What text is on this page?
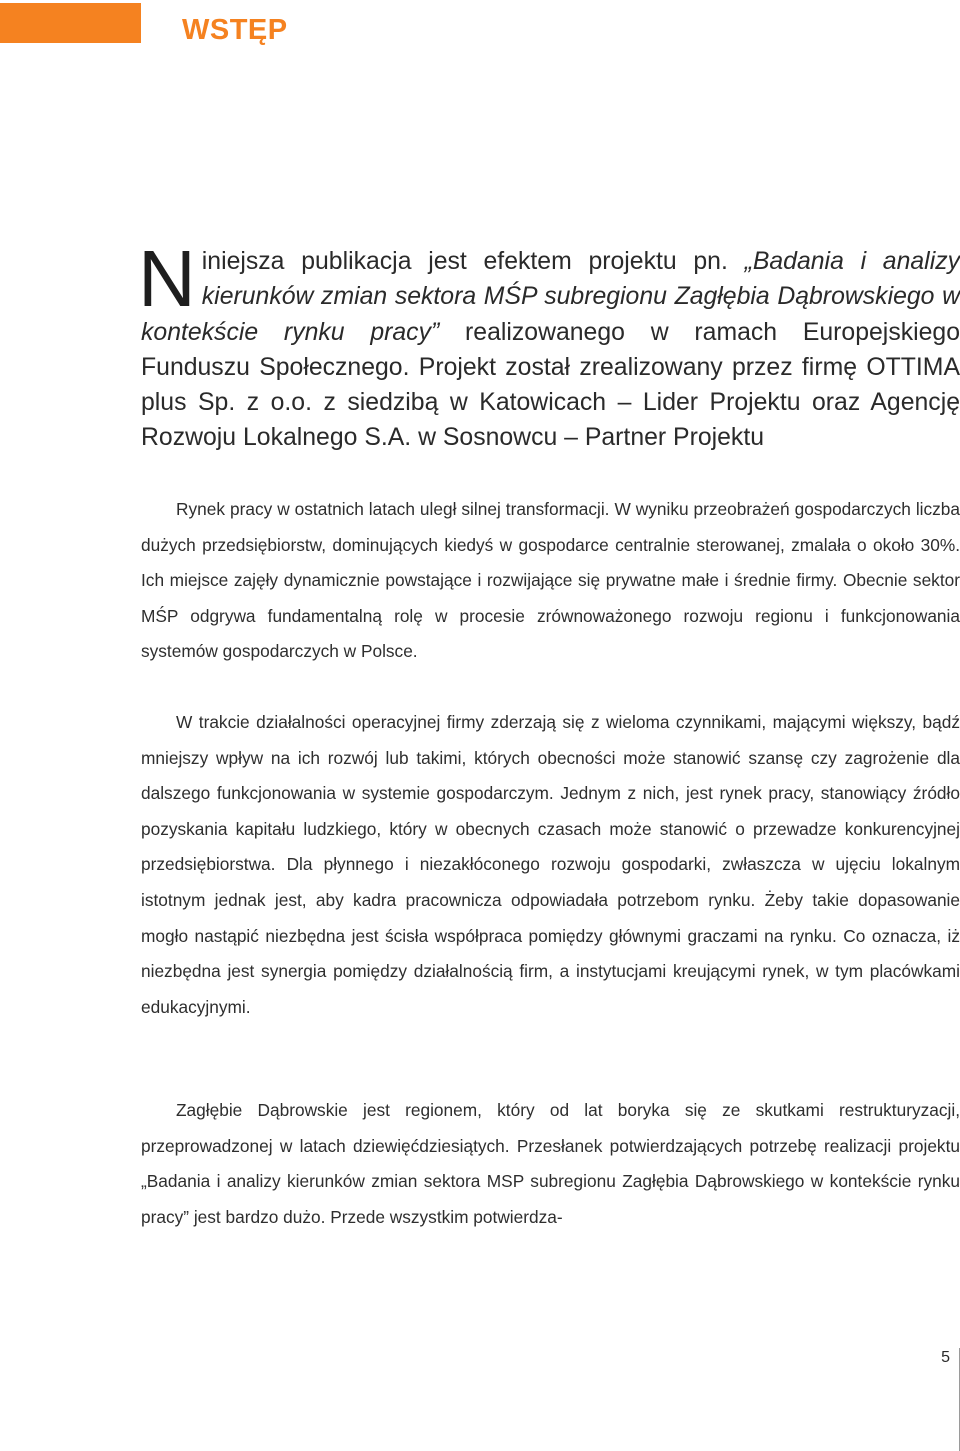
WSTĘP

Niniejsza publikacja jest efektem projektu pn. „Badania i analizy kierunków zmian sektora MŚP subregionu Zagłębia Dąbrowskiego w kontekście rynku pracy” realizowanego w ramach Europejskiego Funduszu Społecznego. Projekt został zrealizowany przez firmę OTTIMA plus Sp. z o.o. z siedzibą w Katowicach – Lider Projektu oraz Agencję Rozwoju Lokalnego S.A. w Sosnowcu – Partner Projektu

Rynek pracy w ostatnich latach uległ silnej transformacji. W wyniku przeobrażeń gospodarczych liczba dużych przedsiębiorstw, dominujących kiedyś w gospodarce centralnie sterowanej, zmalała o około 30%. Ich miejsce zajęły dynamicznie powstające i rozwijające się prywatne małe i średnie firmy. Obecnie sektor MŚP odgrywa fundamentalną rolę w procesie zrównoważonego rozwoju regionu i funkcjonowania systemów gospodarczych w Polsce.

W trakcie działalności operacyjnej firmy zderzają się z wieloma czynnikami, mającymi większy, bądź mniejszy wpływ na ich rozwój lub takimi, których obecności może stanowić szansę czy zagrożenie dla dalszego funkcjonowania w systemie gospodarczym. Jednym z nich, jest rynek pracy, stanowiący źródło pozyskania kapitału ludzkiego, który w obecnych czasach może stanowić o przewadze konkurencyjnej przedsiębiorstwa. Dla płynnego i niezakłóconego rozwoju gospodarki, zwłaszcza w ujęciu lokalnym istotnym jednak jest, aby kadra pracownicza odpowiadała potrzebom rynku. Żeby takie dopasowanie mogło nastąpić niezbędna jest ścisła współpraca pomiędzy głównymi graczami na rynku. Co oznacza, iż niezbędna jest synergia pomiędzy działalnością firm, a instytucjami kreującymi rynek, w tym placówkami edukacyjnymi.

Zagłębie Dąbrowskie jest regionem, który od lat boryka się ze skutkami restrukturyzacji, przeprowadzonej w latach dziewięćdziesiątych. Przesłanek potwierdzających potrzebę realizacji projektu „Badania i analizy kierunków zmian sektora MSP subregionu Zagłębia Dąbrowskiego w kontekście rynku pracy” jest bardzo dużo. Przede wszystkim potwierdza-

5
